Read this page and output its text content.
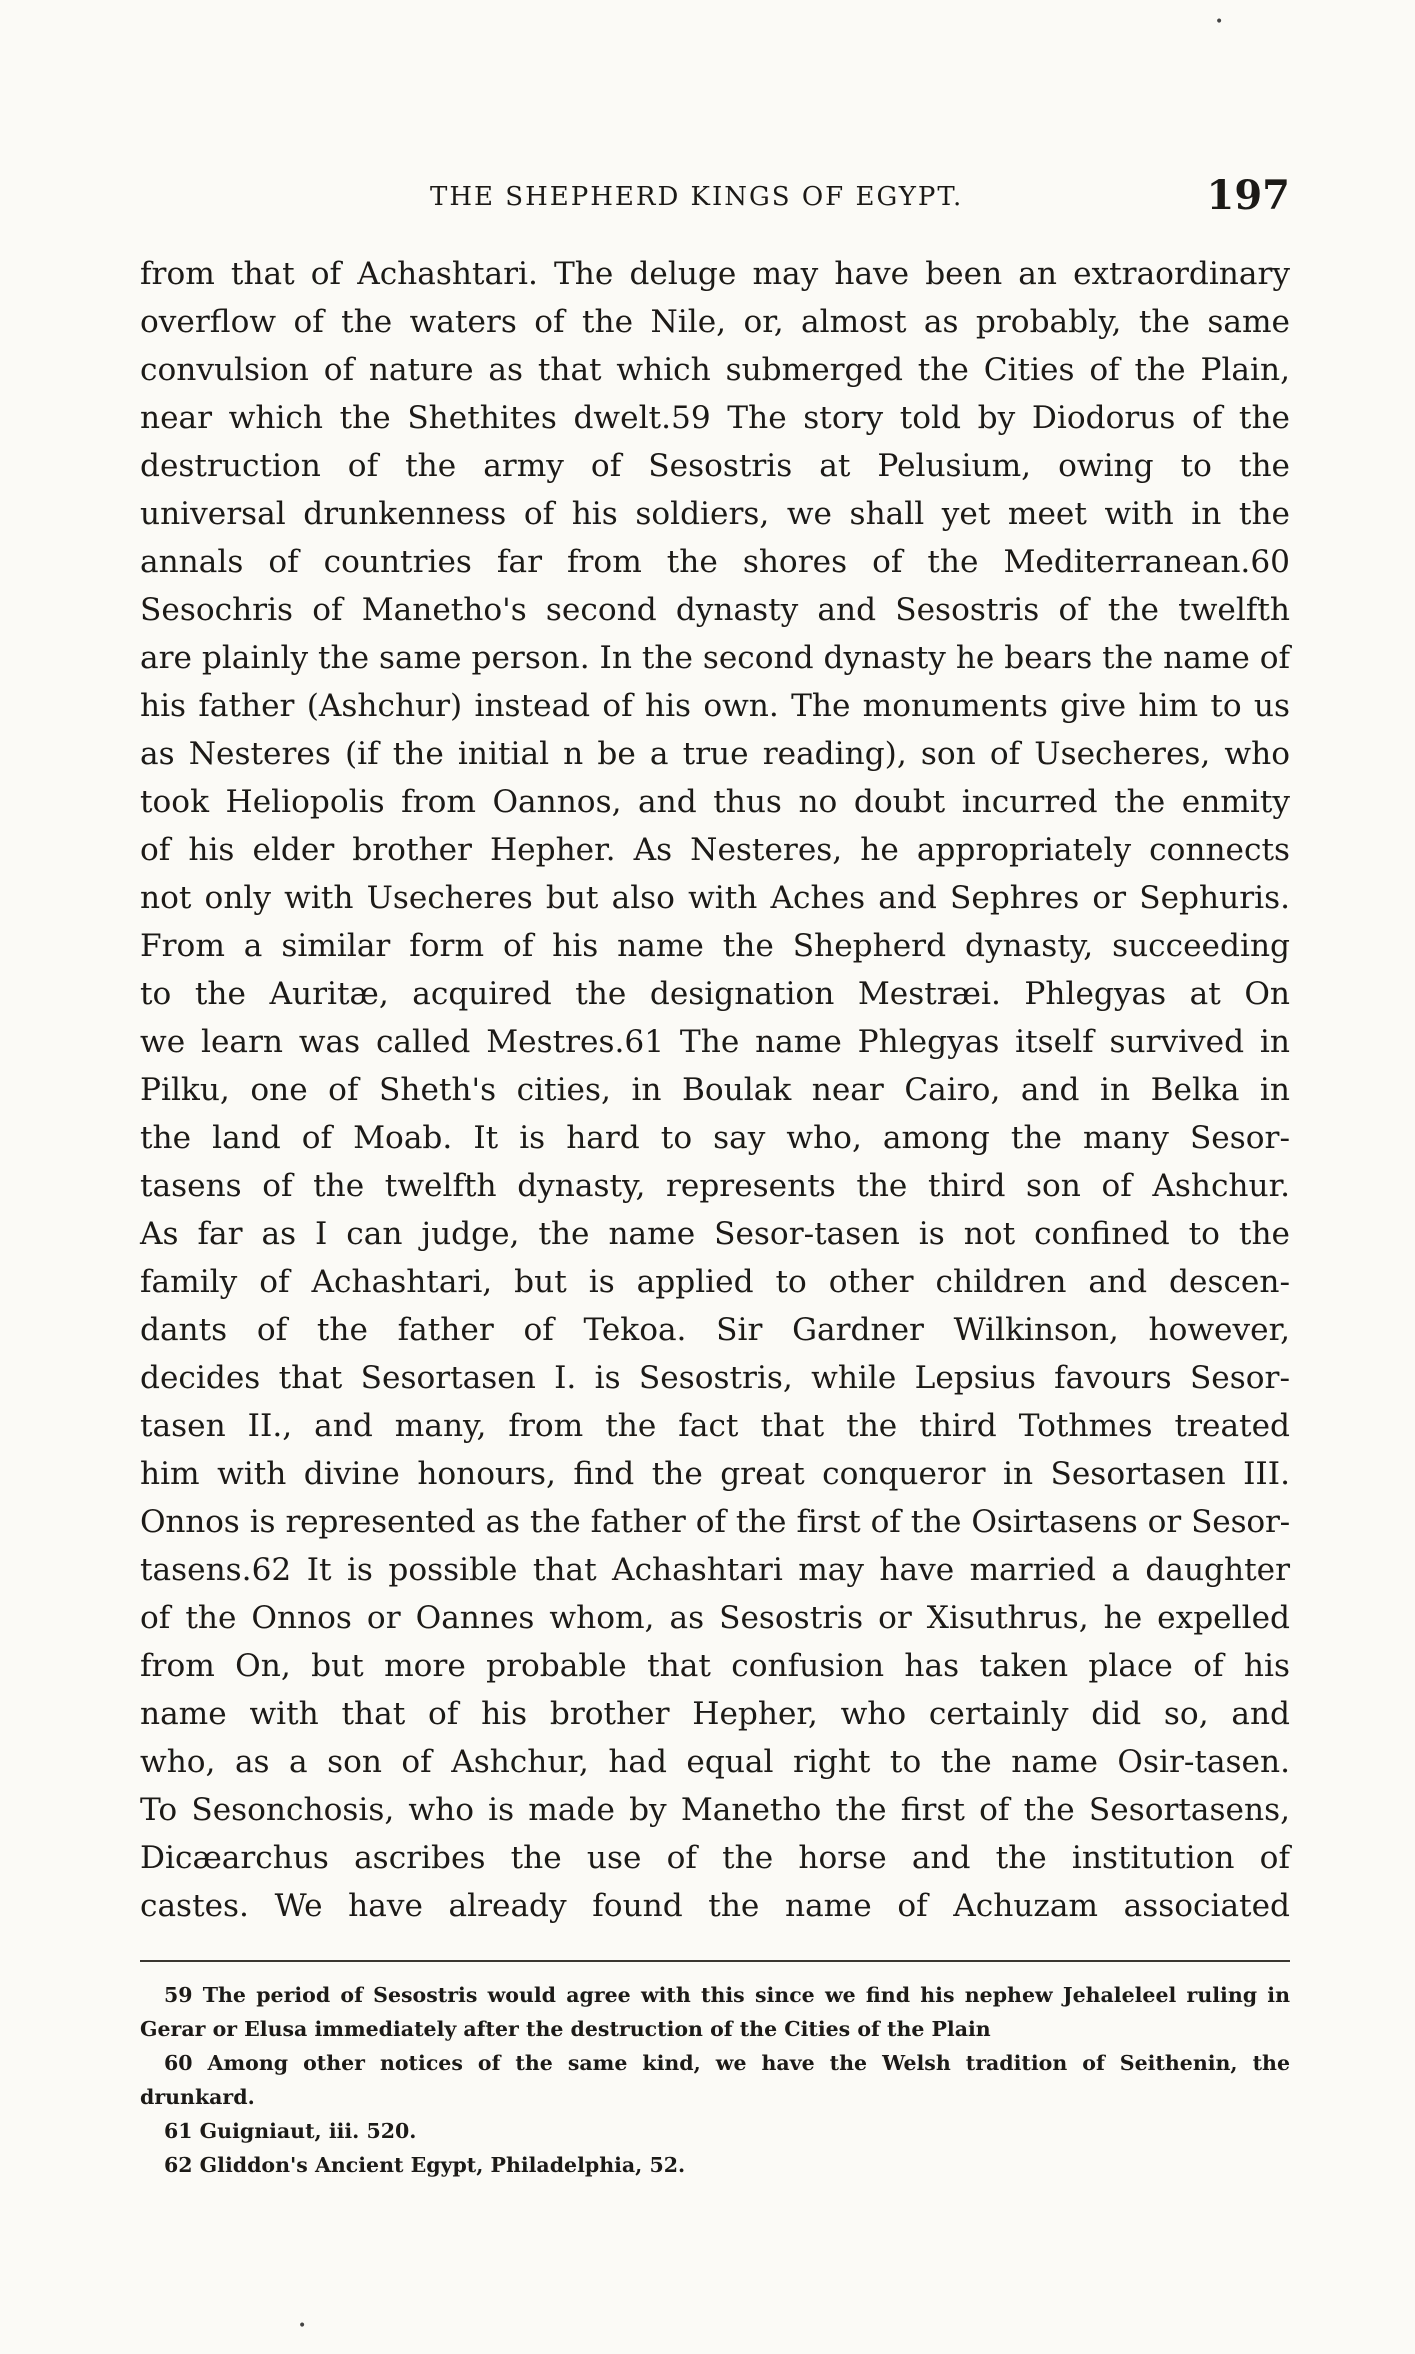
•
THE SHEPHERD KINGS OF EGYPT.	197
from that of Achashtari. The deluge may have been an extraordinary
overflow of the waters of the Nile, or, almost as probably, the same
convulsion of nature as that which submerged the Cities of the Plain,
near which the Shethites dwelt.59 The story told by Diodorus of the
destruction of the army of Sesostris at Pelusium, owing to the
universal drunkenness of his soldiers, we shall yet meet with in the
annals of countries far from the shores of the Mediterranean.60
Sesochris of Manetho's second dynasty and Sesostris of the twelfth
are plainly the same person. In the second dynasty he bears the name of
his father (Ashchur) instead of his own. The monuments give him to us
as Nesteres (if the initial n be a true reading), son of Usecheres, who
took Heliopolis from Oannos, and thus no doubt incurred the enmity
of his elder brother Hepher. As Nesteres, he appropriately connects
not only with Usecheres but also with Aches and Sephres or Sephuris.
From a similar form of his name the Shepherd dynasty, succeeding
to the Auritæ, acquired the designation Mestræi. Phlegyas at On
we learn was called Mestres.61 The name Phlegyas itself survived in
Pilku, one of Sheth's cities, in Boulak near Cairo, and in Belka in
the land of Moab. It is hard to say who, among the many Sesor-
tasens of the twelfth dynasty, represents the third son of Ashchur.
As far as I can judge, the name Sesor-tasen is not confined to the
family of Achashtari, but is applied to other children and descen-
dants of the father of Tekoa. Sir Gardner Wilkinson, however,
decides that Sesortasen I. is Sesostris, while Lepsius favours Sesor-
tasen II., and many, from the fact that the third Tothmes treated
him with divine honours, find the great conqueror in Sesortasen III.
Onnos is represented as the father of the first of the Osirtasens or Sesor-
tasens.62 It is possible that Achashtari may have married a daughter
of the Onnos or Oannes whom, as Sesostris or Xisuthrus, he expelled
from On, but more probable that confusion has taken place of his
name with that of his brother Hepher, who certainly did so, and
who, as a son of Ashchur, had equal right to the name Osir-tasen.
To Sesonchosis, who is made by Manetho the first of the Sesortasens,
Dicæarchus ascribes the use of the horse and the institution of
castes. We have already found the name of Achuzam associated
59 The period of Sesostris would agree with this since we find his nephew Jehaleleel ruling in
Gerar or Elusa immediately after the destruction of the Cities of the Plain
60 Among other notices of the same kind, we have the Welsh tradition of Seithenin, the
drunkard.
61 Guigniaut, iii. 520.
62 Gliddon's Ancient Egypt, Philadelphia, 52.
•
